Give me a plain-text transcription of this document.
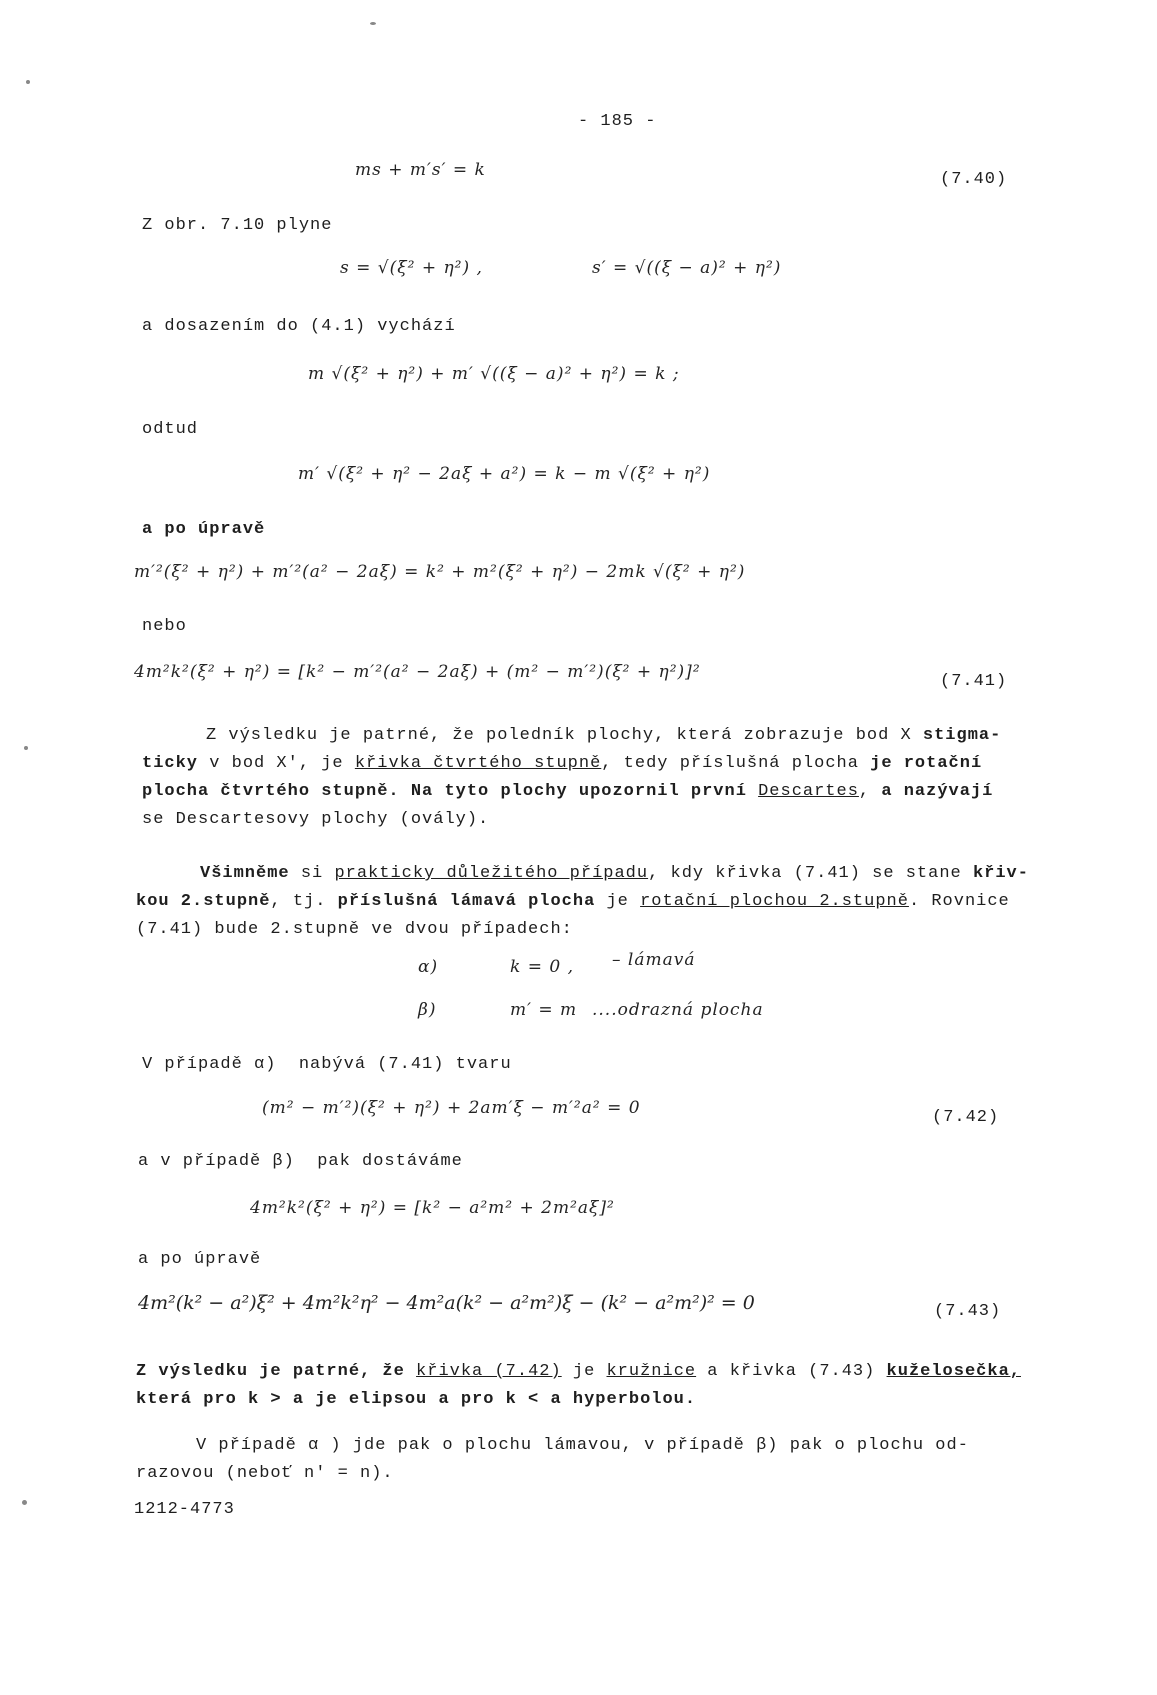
- 185 -
ms + m′s′ = k	(7.40)
Z obr. 7.10 plyne
s = √(ξ² + η²) ,	s′ = √((ξ − a)² + η²)
a dosazením do (4.1) vychází
m √(ξ² + η²) + m′ √((ξ − a)² + η²) = k ;
odtud
m′ √(ξ² + η² − 2aξ + a²) = k − m √(ξ² + η²)
a po úpravě
m′²(ξ² + η²) + m′²(a² − 2aξ) = k² + m²(ξ² + η²) − 2mk √(ξ² + η²)
nebo
4m²k²(ξ² + η²) = [k² − m′²(a² − 2aξ) + (m² − m′²)(ξ² + η²)]²	(7.41)
Z výsledku je patrné, že poledník plochy, která zobrazuje bod X stigma-
ticky v bod X′, je křivka čtvrtého stupně, tedy příslušná plocha je rotační
plocha čtvrtého stupně. Na tyto plochy upozornil první Descartes, a nazývají
se Descartesovy plochy (ovály).
Všimněme si prakticky důležitého případu, kdy křivka (7.41) se stane křiv-
kou 2.stupně, tj. příslušná lámavá plocha je rotační plochou 2.stupně. Rovnice
(7.41) bude 2.stupně ve dvou případech:
α)	k = 0 , – lámavá
β)	m′ = m ....odrazná plocha
V případě α)  nabývá (7.41) tvaru
(m² − m′²)(ξ² + η²) + 2am′ξ − m′²a² = 0	(7.42)
a v případě β)  pak dostáváme
4m²k²(ξ² + η²) = [k² − a²m² + 2m²aξ]²
a po úpravě
4m²(k² − a²)ξ² + 4m²k²η² − 4m²a(k² − a²m²)ξ − (k² − a²m²)² = 0	(7.43)
Z výsledku je patrné, že křivka (7.42) je kružnice a křivka (7.43) kuželosečka,
která pro k > a je elipsou a pro k < a hyperbolou.
V případě α ) jde pak o plochu lámavou, v případě β) pak o plochu od-
razovou (neboť n′ = n).
1212-4773
